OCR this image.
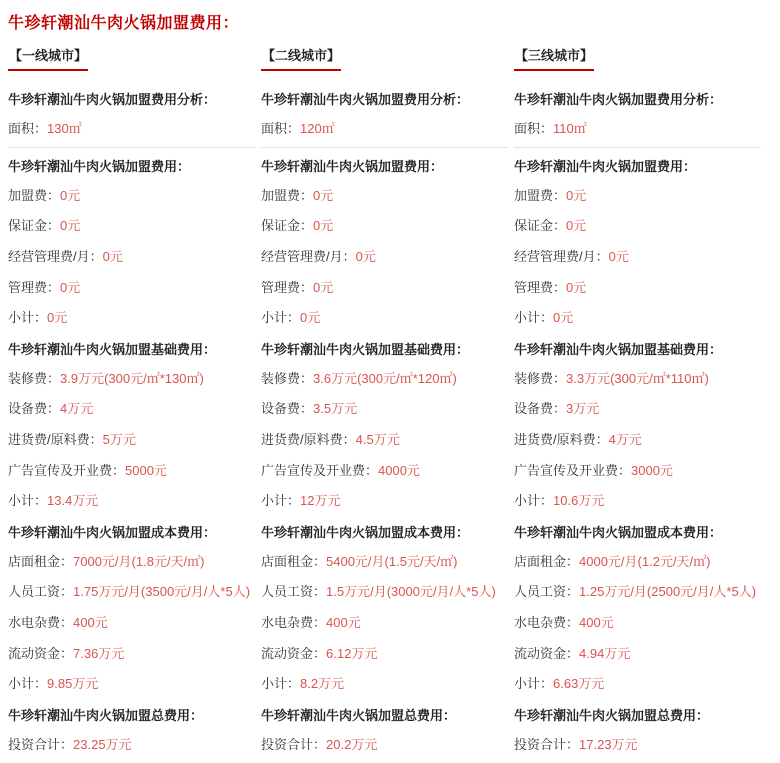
牛珍轩潮汕牛肉火锅加盟费用：
【一线城市】
牛珍轩潮汕牛肉火锅加盟费用分析：
面积：130㎡
牛珍轩潮汕牛肉火锅加盟费用：
加盟费：0元
保证金：0元
经营管理费/月：0元
管理费：0元
小计：0元
牛珍轩潮汕牛肉火锅加盟基础费用：
装修费：3.9万元(300元/㎡*130㎡)
设备费：4万元
进货费/原料费：5万元
广告宣传及开业费：5000元
小计：13.4万元
牛珍轩潮汕牛肉火锅加盟成本费用：
店面租金：7000元/月(1.8元/天/㎡)
人员工资：1.75万元/月(3500元/月/人*5人)
水电杂费：400元
流动资金：7.36万元
小计：9.85万元
牛珍轩潮汕牛肉火锅加盟总费用：
投资合计：23.25万元
【二线城市】
牛珍轩潮汕牛肉火锅加盟费用分析：
面积：120㎡
牛珍轩潮汕牛肉火锅加盟费用：
加盟费：0元
保证金：0元
经营管理费/月：0元
管理费：0元
小计：0元
牛珍轩潮汕牛肉火锅加盟基础费用：
装修费：3.6万元(300元/㎡*120㎡)
设备费：3.5万元
进货费/原料费：4.5万元
广告宣传及开业费：4000元
小计：12万元
牛珍轩潮汕牛肉火锅加盟成本费用：
店面租金：5400元/月(1.5元/天/㎡)
人员工资：1.5万元/月(3000元/月/人*5人)
水电杂费：400元
流动资金：6.12万元
小计：8.2万元
牛珍轩潮汕牛肉火锅加盟总费用：
投资合计：20.2万元
【三线城市】
牛珍轩潮汕牛肉火锅加盟费用分析：
面积：110㎡
牛珍轩潮汕牛肉火锅加盟费用：
加盟费：0元
保证金：0元
经营管理费/月：0元
管理费：0元
小计：0元
牛珍轩潮汕牛肉火锅加盟基础费用：
装修费：3.3万元(300元/㎡*110㎡)
设备费：3万元
进货费/原料费：4万元
广告宣传及开业费：3000元
小计：10.6万元
牛珍轩潮汕牛肉火锅加盟成本费用：
店面租金：4000元/月(1.2元/天/㎡)
人员工资：1.25万元/月(2500元/月/人*5人)
水电杂费：400元
流动资金：4.94万元
小计：6.63万元
牛珍轩潮汕牛肉火锅加盟总费用：
投资合计：17.23万元
